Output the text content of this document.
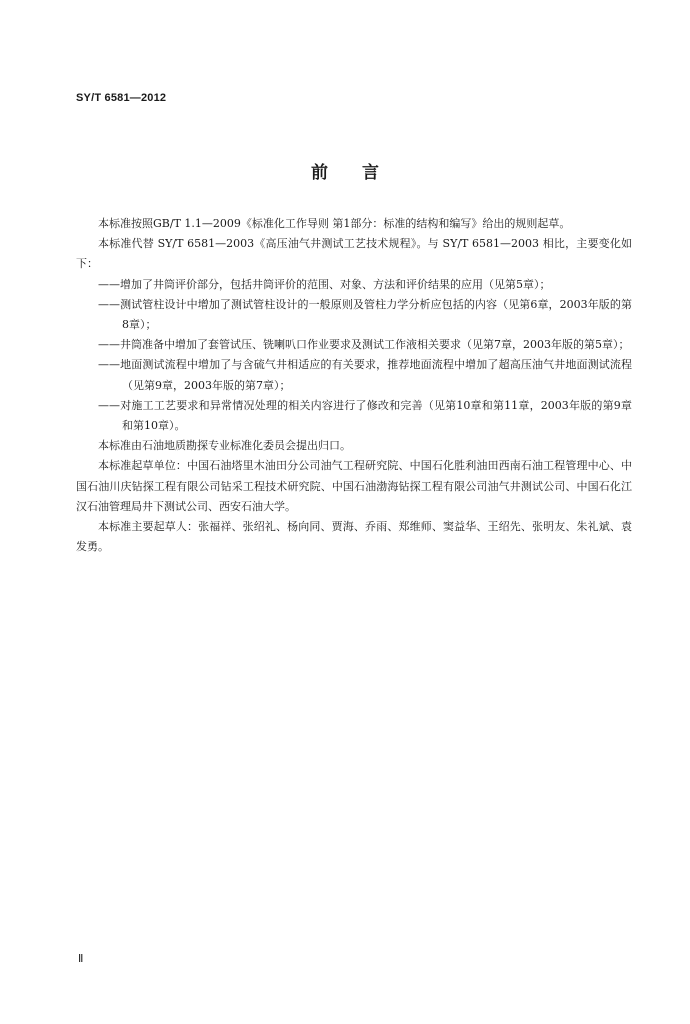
SY/T 6581—2012
前言

本标准按照GB/T 1.1—2009《标准化工作导则 第1部分：标准的结构和编写》给出的规则起草。

本标准代替 SY/T 6581—2003《高压油气井测试工艺技术规程》。与 SY/T 6581—2003 相比，主要变化如下：

——增加了井筒评价部分，包括井筒评价的范围、对象、方法和评价结果的应用（见第5章）；

——测试管柱设计中增加了测试管柱设计的一般原则及管柱力学分析应包括的内容（见第6章，2003年版的第8章）；

——井筒准备中增加了套管试压、铣喇叭口作业要求及测试工作液相关要求（见第7章，2003年版的第5章）；

——地面测试流程中增加了与含硫气井相适应的有关要求，推荐地面流程中增加了超高压油气井地面测试流程（见第9章，2003年版的第7章）；

——对施工工艺要求和异常情况处理的相关内容进行了修改和完善（见第10章和第11章，2003年版的第9章和第10章）。

本标准由石油地质勘探专业标准化委员会提出归口。

本标准起草单位：中国石油塔里木油田分公司油气工程研究院、中国石化胜利油田西南石油工程管理中心、中国石油川庆钻探工程有限公司钻采工程技术研究院、中国石油渤海钻探工程有限公司油气井测试公司、中国石化江汉石油管理局井下测试公司、西安石油大学。

本标准主要起草人：张福祥、张绍礼、杨向同、贾海、乔雨、郑维师、窦益华、王绍先、张明友、朱礼斌、袁发勇。

Ⅱ
